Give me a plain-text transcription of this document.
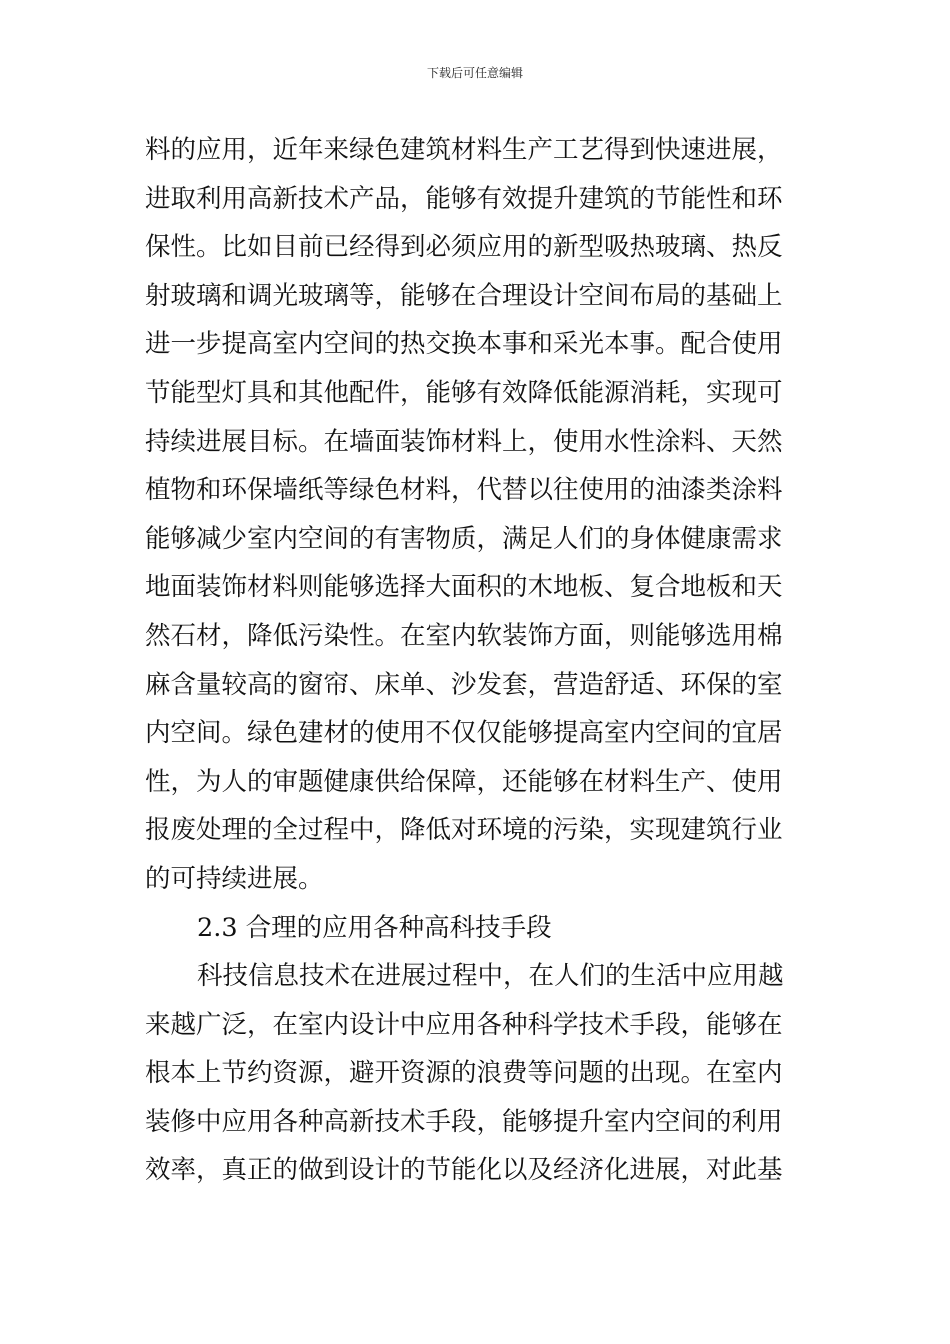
下载后可任意编辑
料的应用，近年来绿色建筑材料生产工艺得到快速进展，
进取利用高新技术产品，能够有效提升建筑的节能性和环
保性。比如目前已经得到必须应用的新型吸热玻璃、热反
射玻璃和调光玻璃等，能够在合理设计空间布局的基础上
进一步提高室内空间的热交换本事和采光本事。配合使用
节能型灯具和其他配件，能够有效降低能源消耗，实现可
持续进展目标。在墙面装饰材料上，使用水性涂料、天然
植物和环保墙纸等绿色材料，代替以往使用的油漆类涂料
能够减少室内空间的有害物质，满足人们的身体健康需求
地面装饰材料则能够选择大面积的木地板、复合地板和天
然石材，降低污染性。在室内软装饰方面，则能够选用棉
麻含量较高的窗帘、床单、沙发套，营造舒适、环保的室
内空间。绿色建材的使用不仅仅能够提高室内空间的宜居
性，为人的审题健康供给保障，还能够在材料生产、使用
报废处理的全过程中，降低对环境的污染，实现建筑行业
的可持续进展。
2.3 合理的应用各种高科技手段
科技信息技术在进展过程中，在人们的生活中应用越
来越广泛，在室内设计中应用各种科学技术手段，能够在
根本上节约资源，避开资源的浪费等问题的出现。在室内
装修中应用各种高新技术手段，能够提升室内空间的利用
效率，真正的做到设计的节能化以及经济化进展，对此基
